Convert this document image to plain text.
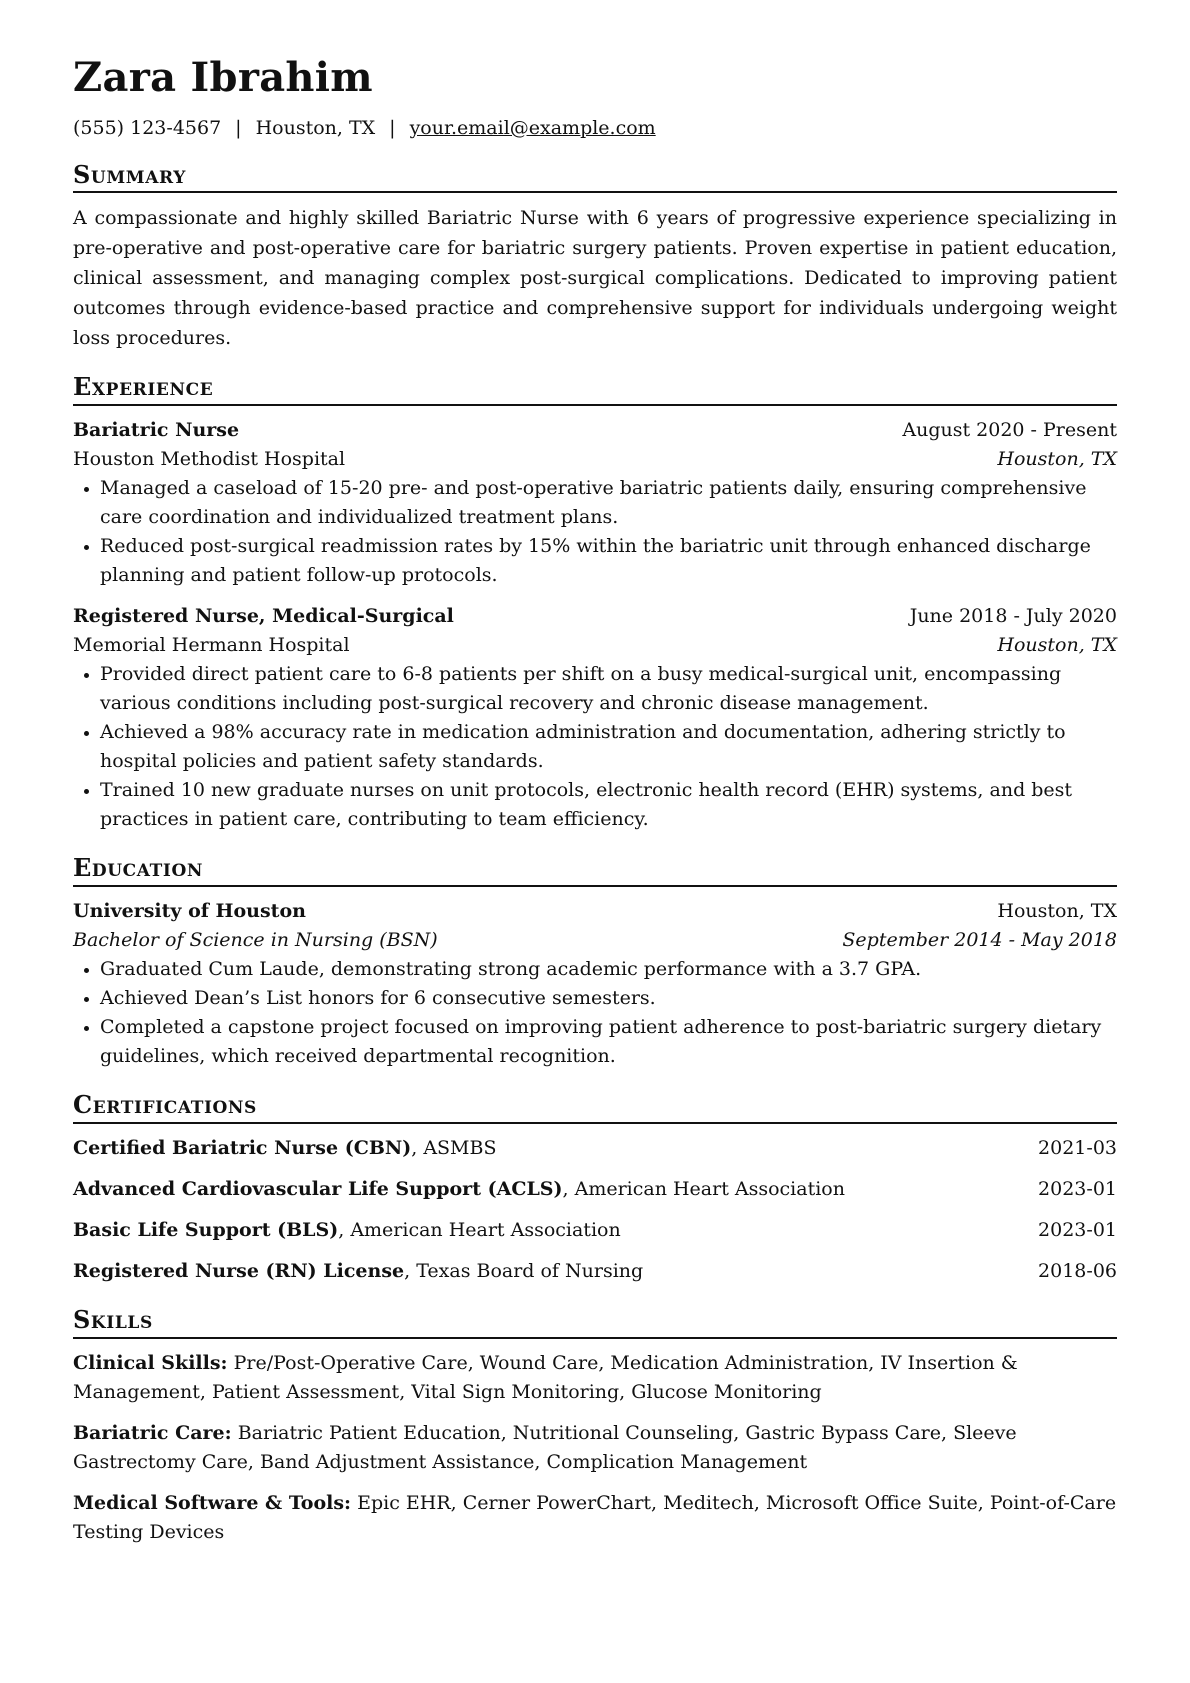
Zara Ibrahim
(555) 123-4567 | Houston, TX | your.email@example.com
Summary

A compassionate and highly skilled Bariatric Nurse with 6 years of progressive experience specializing in pre-operative and post-operative care for bariatric surgery patients. Proven expertise in patient education, clinical assessment, and managing complex post-surgical complications. Dedicated to improving patient outcomes through evidence-based practice and comprehensive support for individuals undergoing weight loss procedures.

Experience
Bariatric Nurse	August 2020 - Present
Houston Methodist Hospital	Houston, TX
• Managed a caseload of 15-20 pre- and post-operative bariatric patients daily, ensuring comprehensive care coordination and individualized treatment plans.
• Reduced post-surgical readmission rates by 15% within the bariatric unit through enhanced discharge planning and patient follow-up protocols.
Registered Nurse, Medical-Surgical	June 2018 - July 2020
Memorial Hermann Hospital	Houston, TX
• Provided direct patient care to 6-8 patients per shift on a busy medical-surgical unit, encompassing various conditions including post-surgical recovery and chronic disease management.
• Achieved a 98% accuracy rate in medication administration and documentation, adhering strictly to hospital policies and patient safety standards.
• Trained 10 new graduate nurses on unit protocols, electronic health record (EHR) systems, and best practices in patient care, contributing to team efficiency.
Education
University of Houston	Houston, TX
Bachelor of Science in Nursing (BSN)	September 2014 - May 2018
• Graduated Cum Laude, demonstrating strong academic performance with a 3.7 GPA.
• Achieved Dean’s List honors for 6 consecutive semesters.
• Completed a capstone project focused on improving patient adherence to post-bariatric surgery dietary guidelines, which received departmental recognition.
Certifications
Certified Bariatric Nurse (CBN), ASMBS	2021-03
Advanced Cardiovascular Life Support (ACLS), American Heart Association	2023-01
Basic Life Support (BLS), American Heart Association	2023-01
Registered Nurse (RN) License, Texas Board of Nursing	2018-06
Skills

Clinical Skills: Pre/Post-Operative Care, Wound Care, Medication Administration, IV Insertion & Management, Patient Assessment, Vital Sign Monitoring, Glucose Monitoring

Bariatric Care: Bariatric Patient Education, Nutritional Counseling, Gastric Bypass Care, Sleeve Gastrectomy Care, Band Adjustment Assistance, Complication Management

Medical Software & Tools: Epic EHR, Cerner PowerChart, Meditech, Microsoft Office Suite, Point-of-Care Testing Devices
